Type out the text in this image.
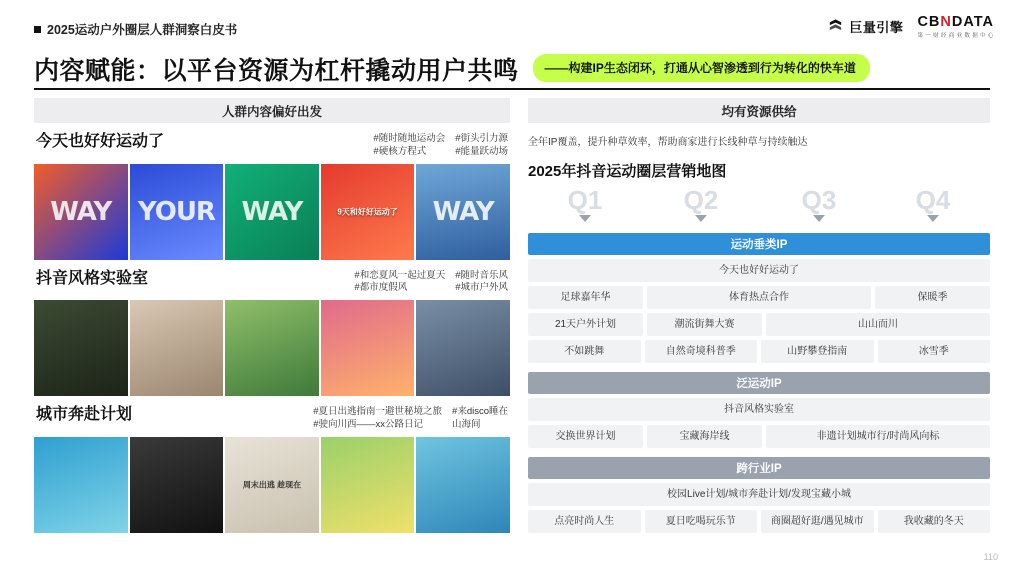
2025运动户外圈层人群洞察白皮书	巨量引擎 CBNDATA
第 一 财 经 商 业 数 据 中 心
内容赋能：以平台资源为杠杆撬动用户共鸣	——构建IP生态闭环，打通从心智渗透到行为转化的快车道
人群内容偏好出发
今天也好好运动了	#随时随地运动会
#硬核方程式
#街头引力源
#能量跃动场
WAY	YOUR	WAY	9天和好好运动了	WAY
抖音风格实验室	#和恋夏风一起过夏天
#都市度假风
#随时音乐风
#城市户外风
城市奔赴计划	#夏日出逃指南一避世秘境之旅
#驶向川西——xx公路日记
#来disco睡在
山海间
周末出逃 趁现在
均有资源供给
全年IP覆盖，提升种草效率，帮助商家进行长线种草与持续触达
2025年抖音运动圈层营销地图
Q1	Q2	Q3	Q4
运动垂类IP
今天也好好运动了
足球嘉年华	体育热点合作	保暖季
21天户外计划	潮流街舞大赛	山山而川
不如跳舞	自然奇境科普季	山野攀登指南	冰雪季
泛运动IP
抖音风格实验室
交换世界计划	宝藏海岸线	非遗计划城市行/时尚风向标
跨行业IP
校园Live计划/城市奔赴计划/发现宝藏小城
点亮时尚人生	夏日吃喝玩乐节	商圈超好逛/遇见城市	我收藏的冬天
110
